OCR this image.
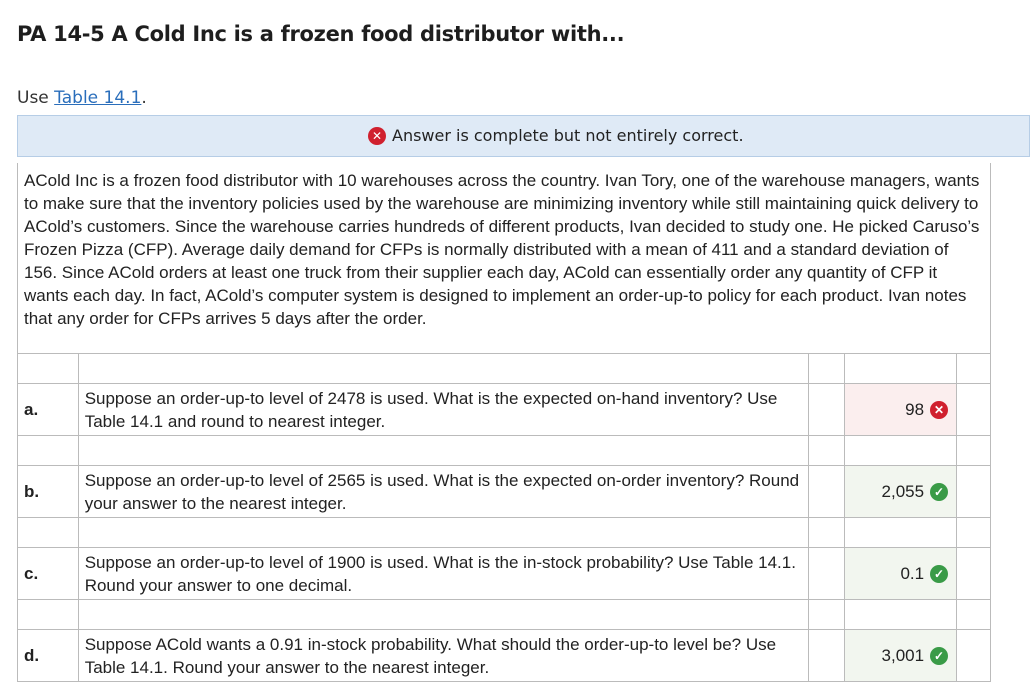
PA 14-5 A Cold Inc is a frozen food distributor with...
Use Table 14.1.
✕ Answer is complete but not entirely correct.

ACold Inc is a frozen food distributor with 10 warehouses across the country. Ivan Tory, one of the warehouse managers, wants to make sure that the inventory policies used by the warehouse are minimizing inventory while still maintaining quick delivery to ACold’s customers. Since the warehouse carries hundreds of different products, Ivan decided to study one. He picked Caruso’s Frozen Pizza (CFP). Average daily demand for CFPs is normally distributed with a mean of 411 and a standard deviation of 156. Since ACold orders at least one truck from their supplier each day, ACold can essentially order any quantity of CFP it wants each day. In fact, ACold’s computer system is designed to implement an order-up-to policy for each product. Ivan notes that any order for CFPs arrives 5 days after the order.

a.	Suppose an order-up-to level of 2478 is used. What is the expected on-hand inventory? Use Table 14.1 and round to nearest integer.		98 ✕	

b.	Suppose an order-up-to level of 2565 is used. What is the expected on-order inventory? Round your answer to the nearest integer.		2,055 ✓	

c.	Suppose an order-up-to level of 1900 is used. What is the in-stock probability? Use Table 14.1. Round your answer to one decimal.		0.1 ✓	

d.	Suppose ACold wants a 0.91 in-stock probability. What should the order-up-to level be? Use Table 14.1. Round your answer to the nearest integer.		3,001 ✓	
